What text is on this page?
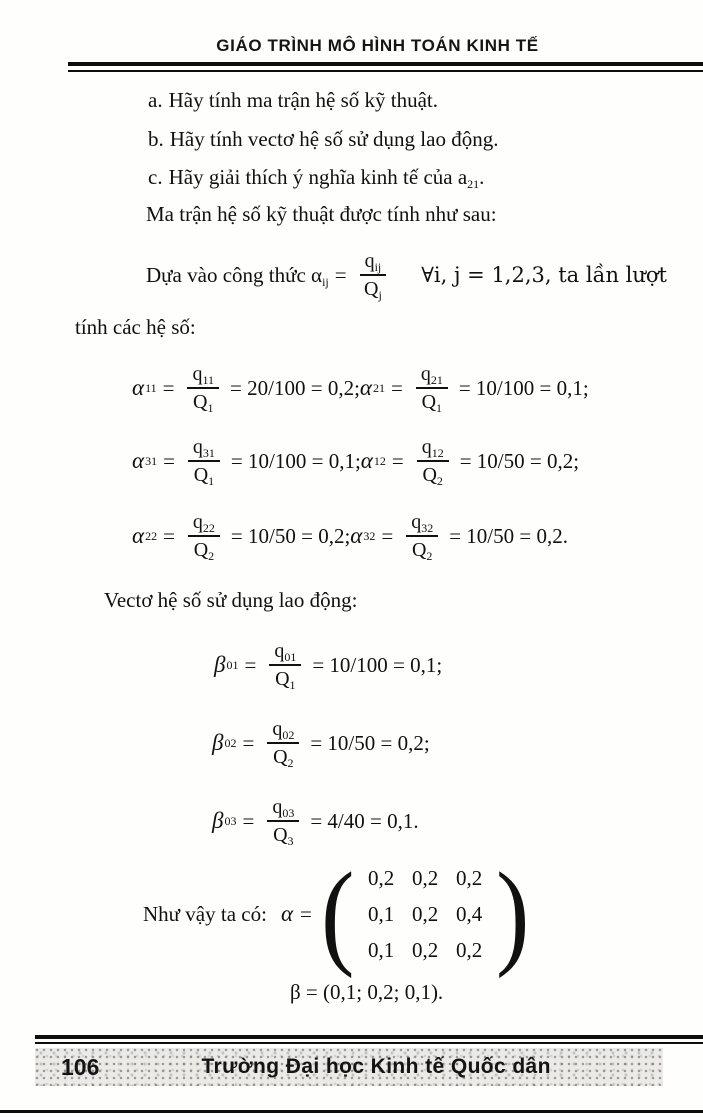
GIÁO TRÌNH MÔ HÌNH TOÁN KINH TẾ
a. Hãy tính ma trận hệ số kỹ thuật.
b. Hãy tính vectơ hệ số sử dụng lao động.
c. Hãy giải thích ý nghĩa kinh tế của $a_{21}$.
Ma trận hệ số kỹ thuật được tính như sau:
Dựa vào công thức $\alpha_{ij} = \frac{q_{ij}}{Q_j}$ ∀i, j = 1,2,3, ta lần lượt
tính các hệ số:
α $11 = \frac{q_{11}}{Q_1} = 20/100 = 0,2$; α $21 = \frac{q_{21}}{Q_1} = 10/100 = 0,1$;
α $31 = \frac{q_{31}}{Q_1} = 10/100 = 0,1$; α $12 = \frac{q_{12}}{Q_2} = 10/50 = 0,2$;
α $22 = \frac{q_{22}}{Q_2} = 10/50 = 0,2$; α $32 = \frac{q_{32}}{Q_2} = 10/50 = 0,2$.
Vectơ hệ số sử dụng lao động:
β $01 = \frac{q_{01}}{Q_1} = 10/100 = 0,1$;
β $02 = \frac{q_{02}}{Q_2} = 10/50 = 0,2$;
β $03 = \frac{q_{03}}{Q_3} = 4/40 = 0,1$.
Như vậy ta có: α = ( 0,2 0,2 0,2
0,1 0,2 0,4
0,1 0,2 0,2 )
β = (0,1; 0,2; 0,1).
106	Trường Đại học Kinh tế Quốc dân
